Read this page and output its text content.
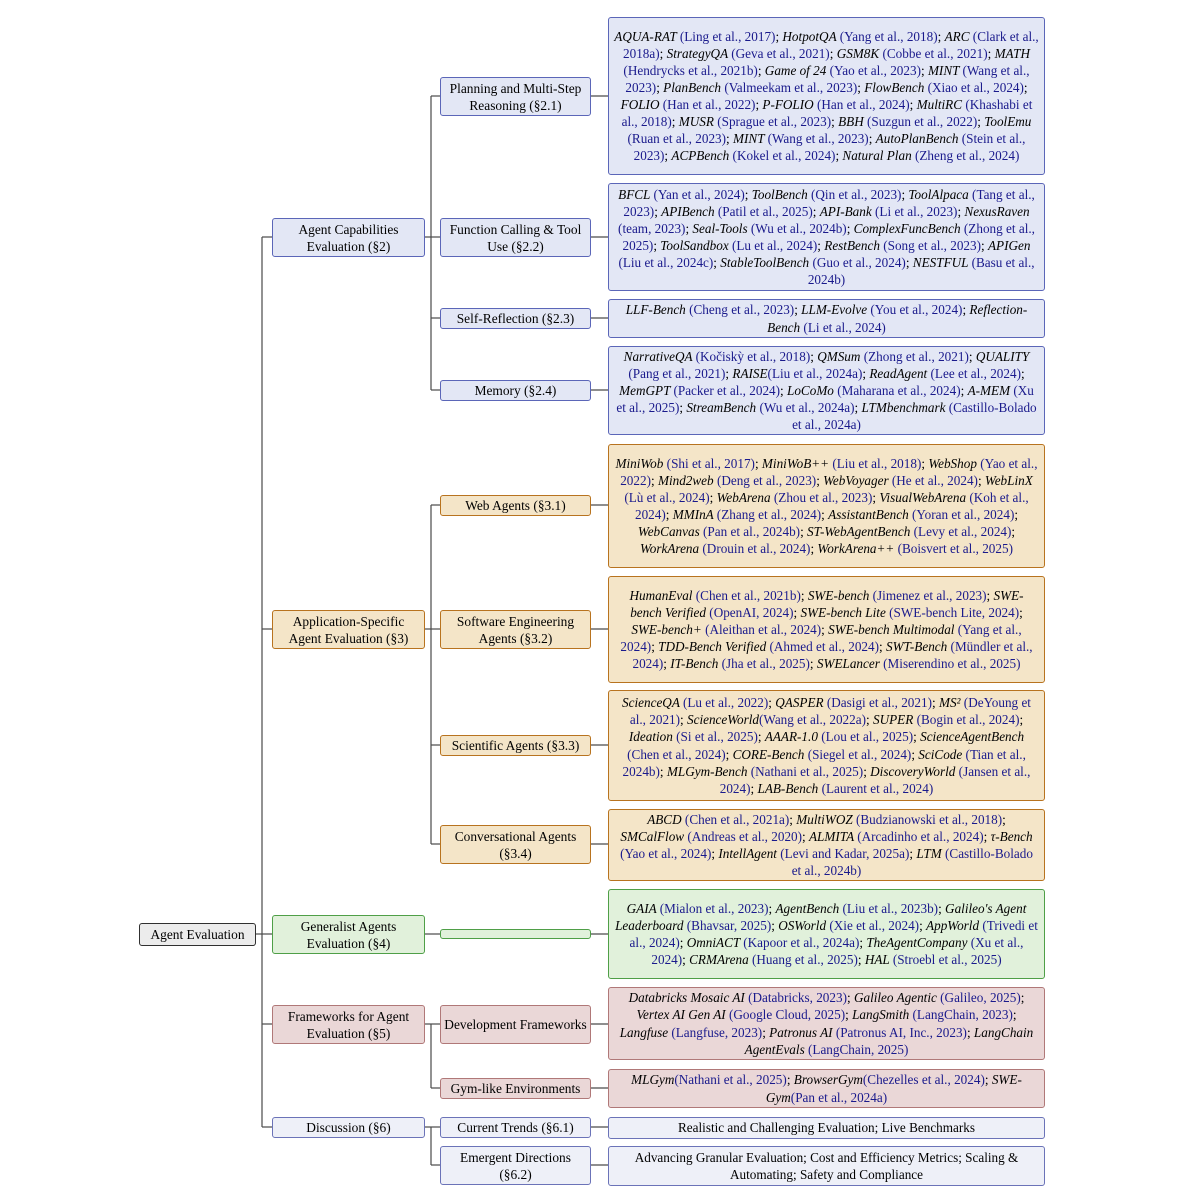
Agent Evaluation
Agent Capabilities Evaluation (§2)
Application-Specific Agent Evaluation (§3)
Generalist Agents Evaluation (§4)
Frameworks for Agent Evaluation (§5)
Discussion (§6)
Planning and Multi-Step Reasoning (§2.1)
Function Calling & Tool Use (§2.2)
Self-Reflection (§2.3)
Memory (§2.4)
Web Agents (§3.1)
Software Engineering Agents (§3.2)
Scientific Agents (§3.3)
Conversational Agents (§3.4)
Development Frameworks
Gym-like Environments
Current Trends (§6.1)
Emergent Directions (§6.2)
AQUA-RAT (Ling et al., 2017); HotpotQA (Yang et al., 2018); ARC (Clark et al., 2018a); StrategyQA (Geva et al., 2021); GSM8K (Cobbe et al., 2021); MATH (Hendrycks et al., 2021b); Game of 24 (Yao et al., 2023); MINT (Wang et al., 2023); PlanBench (Valmeekam et al., 2023); FlowBench (Xiao et al., 2024); FOLIO (Han et al., 2022); P-FOLIO (Han et al., 2024); MultiRC (Khashabi et al., 2018); MUSR (Sprague et al., 2023); BBH (Suzgun et al., 2022); ToolEmu (Ruan et al., 2023); MINT (Wang et al., 2023); AutoPlanBench (Stein et al., 2023); ACPBench (Kokel et al., 2024); Natural Plan (Zheng et al., 2024)
BFCL (Yan et al., 2024); ToolBench (Qin et al., 2023); ToolAlpaca (Tang et al., 2023); APIBench (Patil et al., 2025); API-Bank (Li et al., 2023); NexusRaven (team, 2023); Seal-Tools (Wu et al., 2024b); ComplexFuncBench (Zhong et al., 2025); ToolSandbox (Lu et al., 2024); RestBench (Song et al., 2023); APIGen (Liu et al., 2024c); StableToolBench (Guo et al., 2024); NESTFUL (Basu et al., 2024b)
LLF-Bench (Cheng et al., 2023); LLM-Evolve (You et al., 2024); Reflection-Bench (Li et al., 2024)
NarrativeQA (Kočiskỳ et al., 2018); QMSum (Zhong et al., 2021); QUALITY (Pang et al., 2021); RAISE(Liu et al., 2024a); ReadAgent (Lee et al., 2024); MemGPT (Packer et al., 2024); LoCoMo (Maharana et al., 2024); A-MEM (Xu et al., 2025); StreamBench (Wu et al., 2024a); LTMbenchmark (Castillo-Bolado et al., 2024a)
MiniWob (Shi et al., 2017); MiniWoB++ (Liu et al., 2018); WebShop (Yao et al., 2022); Mind2web (Deng et al., 2023); WebVoyager (He et al., 2024); WebLinX (Lù et al., 2024); WebArena (Zhou et al., 2023); VisualWebArena (Koh et al., 2024); MMInA (Zhang et al., 2024); AssistantBench (Yoran et al., 2024); WebCanvas (Pan et al., 2024b); ST-WebAgentBench (Levy et al., 2024); WorkArena (Drouin et al., 2024); WorkArena++ (Boisvert et al., 2025)
HumanEval (Chen et al., 2021b); SWE-bench (Jimenez et al., 2023); SWE-bench Verified (OpenAI, 2024); SWE-bench Lite (SWE-bench Lite, 2024); SWE-bench+ (Aleithan et al., 2024); SWE-bench Multimodal (Yang et al., 2024); TDD-Bench Verified (Ahmed et al., 2024); SWT-Bench (Mündler et al., 2024); IT-Bench (Jha et al., 2025); SWELancer (Miserendino et al., 2025)
ScienceQA (Lu et al., 2022); QASPER (Dasigi et al., 2021); MS² (DeYoung et al., 2021); ScienceWorld(Wang et al., 2022a); SUPER (Bogin et al., 2024); Ideation (Si et al., 2025); AAAR-1.0 (Lou et al., 2025); ScienceAgentBench (Chen et al., 2024); CORE-Bench (Siegel et al., 2024); SciCode (Tian et al., 2024b); MLGym-Bench (Nathani et al., 2025); DiscoveryWorld (Jansen et al., 2024); LAB-Bench (Laurent et al., 2024)
ABCD (Chen et al., 2021a); MultiWOZ (Budzianowski et al., 2018); SMCalFlow (Andreas et al., 2020); ALMITA (Arcadinho et al., 2024); τ-Bench (Yao et al., 2024); IntellAgent (Levi and Kadar, 2025a); LTM (Castillo-Bolado et al., 2024b)
GAIA (Mialon et al., 2023); AgentBench (Liu et al., 2023b); Galileo's Agent Leaderboard (Bhavsar, 2025); OSWorld (Xie et al., 2024); AppWorld (Trivedi et al., 2024); OmniACT (Kapoor et al., 2024a); TheAgentCompany (Xu et al., 2024); CRMArena (Huang et al., 2025); HAL (Stroebl et al., 2025)
Databricks Mosaic AI (Databricks, 2023); Galileo Agentic (Galileo, 2025); Vertex AI Gen AI (Google Cloud, 2025); LangSmith (LangChain, 2023); Langfuse (Langfuse, 2023); Patronus AI (Patronus AI, Inc., 2023); LangChain AgentEvals (LangChain, 2025)
MLGym(Nathani et al., 2025); BrowserGym(Chezelles et al., 2024); SWE-Gym(Pan et al., 2024a)
Realistic and Challenging Evaluation; Live Benchmarks
Advancing Granular Evaluation; Cost and Efficiency Metrics; Scaling & Automating; Safety and Compliance
